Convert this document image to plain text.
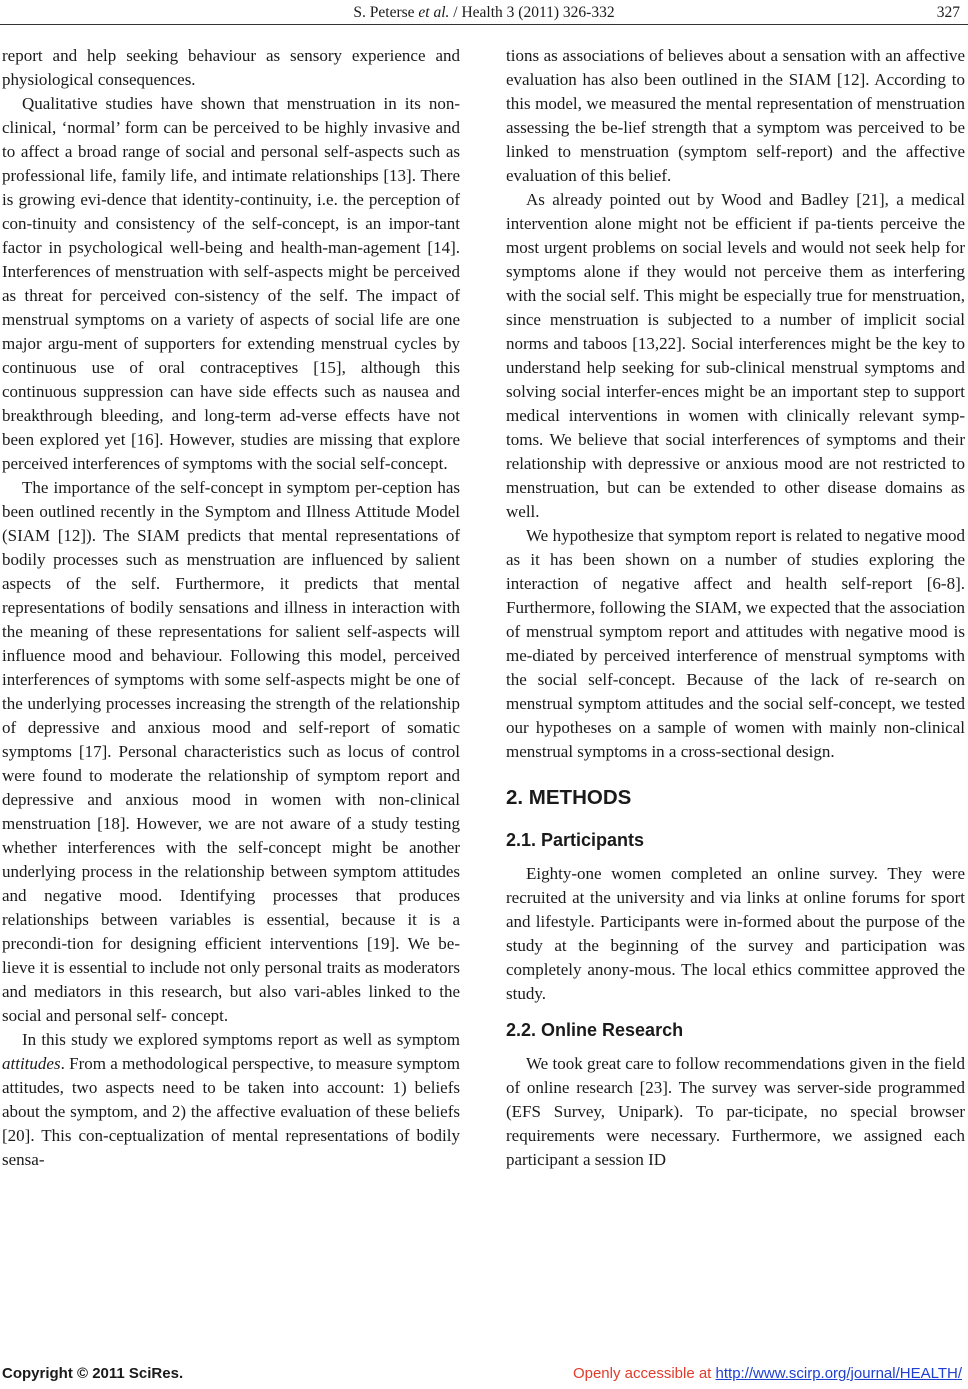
S. Peterse et al. / Health 3 (2011) 326-332	327

report and help seeking behaviour as sensory experience and physiological consequences.

Qualitative studies have shown that menstruation in its non-clinical, ‘normal’ form can be perceived to be highly invasive and to affect a broad range of social and personal self-aspects such as professional life, family life, and intimate relationships [13]. There is growing evi-dence that identity-continuity, i.e. the perception of con-tinuity and consistency of the self-concept, is an impor-tant factor in psychological well-being and health-man-agement [14]. Interferences of menstruation with self-aspects might be perceived as threat for perceived con-sistency of the self. The impact of menstrual symptoms on a variety of aspects of social life are one major argu-ment of supporters for extending menstrual cycles by continuous use of oral contraceptives [15], although this continuous suppression can have side effects such as nausea and breakthrough bleeding, and long-term ad-verse effects have not been explored yet [16]. However, studies are missing that explore perceived interferences of symptoms with the social self-concept.

The importance of the self-concept in symptom per-ception has been outlined recently in the Symptom and Illness Attitude Model (SIAM [12]). The SIAM predicts that mental representations of bodily processes such as menstruation are influenced by salient aspects of the self. Furthermore, it predicts that mental representations of bodily sensations and illness in interaction with the meaning of these representations for salient self-aspects will influence mood and behaviour. Following this model, perceived interferences of symptoms with some self-aspects might be one of the underlying processes increasing the strength of the relationship of depressive and anxious mood and self-report of somatic symptoms [17]. Personal characteristics such as locus of control were found to moderate the relationship of symptom report and depressive and anxious mood in women with non-clinical menstruation [18]. However, we are not aware of a study testing whether interferences with the self-concept might be another underlying process in the relationship between symptom attitudes and negative mood. Identifying processes that produces relationships between variables is essential, because it is a precondi-tion for designing efficient interventions [19]. We be-lieve it is essential to include not only personal traits as moderators and mediators in this research, but also vari-ables linked to the social and personal self- concept.

In this study we explored symptoms report as well as symptom attitudes. From a methodological perspective, to measure symptom attitudes, two aspects need to be taken into account: 1) beliefs about the symptom, and 2) the affective evaluation of these beliefs [20]. This con-ceptualization of mental representations of bodily sensa-

tions as associations of believes about a sensation with an affective evaluation has also been outlined in the SIAM [12]. According to this model, we measured the mental representation of menstruation assessing the be-lief strength that a symptom was perceived to be linked to menstruation (symptom self-report) and the affective evaluation of this belief.

As already pointed out by Wood and Badley [21], a medical intervention alone might not be efficient if pa-tients perceive the most urgent problems on social levels and would not seek help for symptoms alone if they would not perceive them as interfering with the social self. This might be especially true for menstruation, since menstruation is subjected to a number of implicit social norms and taboos [13,22]. Social interferences might be the key to understand help seeking for sub-clinical menstrual symptoms and solving social interfer-ences might be an important step to support medical interventions in women with clinically relevant symp-toms. We believe that social interferences of symptoms and their relationship with depressive or anxious mood are not restricted to menstruation, but can be extended to other disease domains as well.

We hypothesize that symptom report is related to negative mood as it has been shown on a number of studies exploring the interaction of negative affect and health self-report [6-8]. Furthermore, following the SIAM, we expected that the association of menstrual symptom report and attitudes with negative mood is me-diated by perceived interference of menstrual symptoms with the social self-concept. Because of the lack of re-search on menstrual symptom attitudes and the social self-concept, we tested our hypotheses on a sample of women with mainly non-clinical menstrual symptoms in a cross-sectional design.

2. METHODS
2.1. Participants

Eighty-one women completed an online survey. They were recruited at the university and via links at online forums for sport and lifestyle. Participants were in-formed about the purpose of the study at the beginning of the survey and participation was completely anony-mous. The local ethics committee approved the study.

2.2. Online Research

We took great care to follow recommendations given in the field of online research [23]. The survey was server-side programmed (EFS Survey, Unipark). To par-ticipate, no special browser requirements were necessary. Furthermore, we assigned each participant a session ID

Copyright © 2011 SciRes.	Openly accessible at http://www.scirp.org/journal/HEALTH/
